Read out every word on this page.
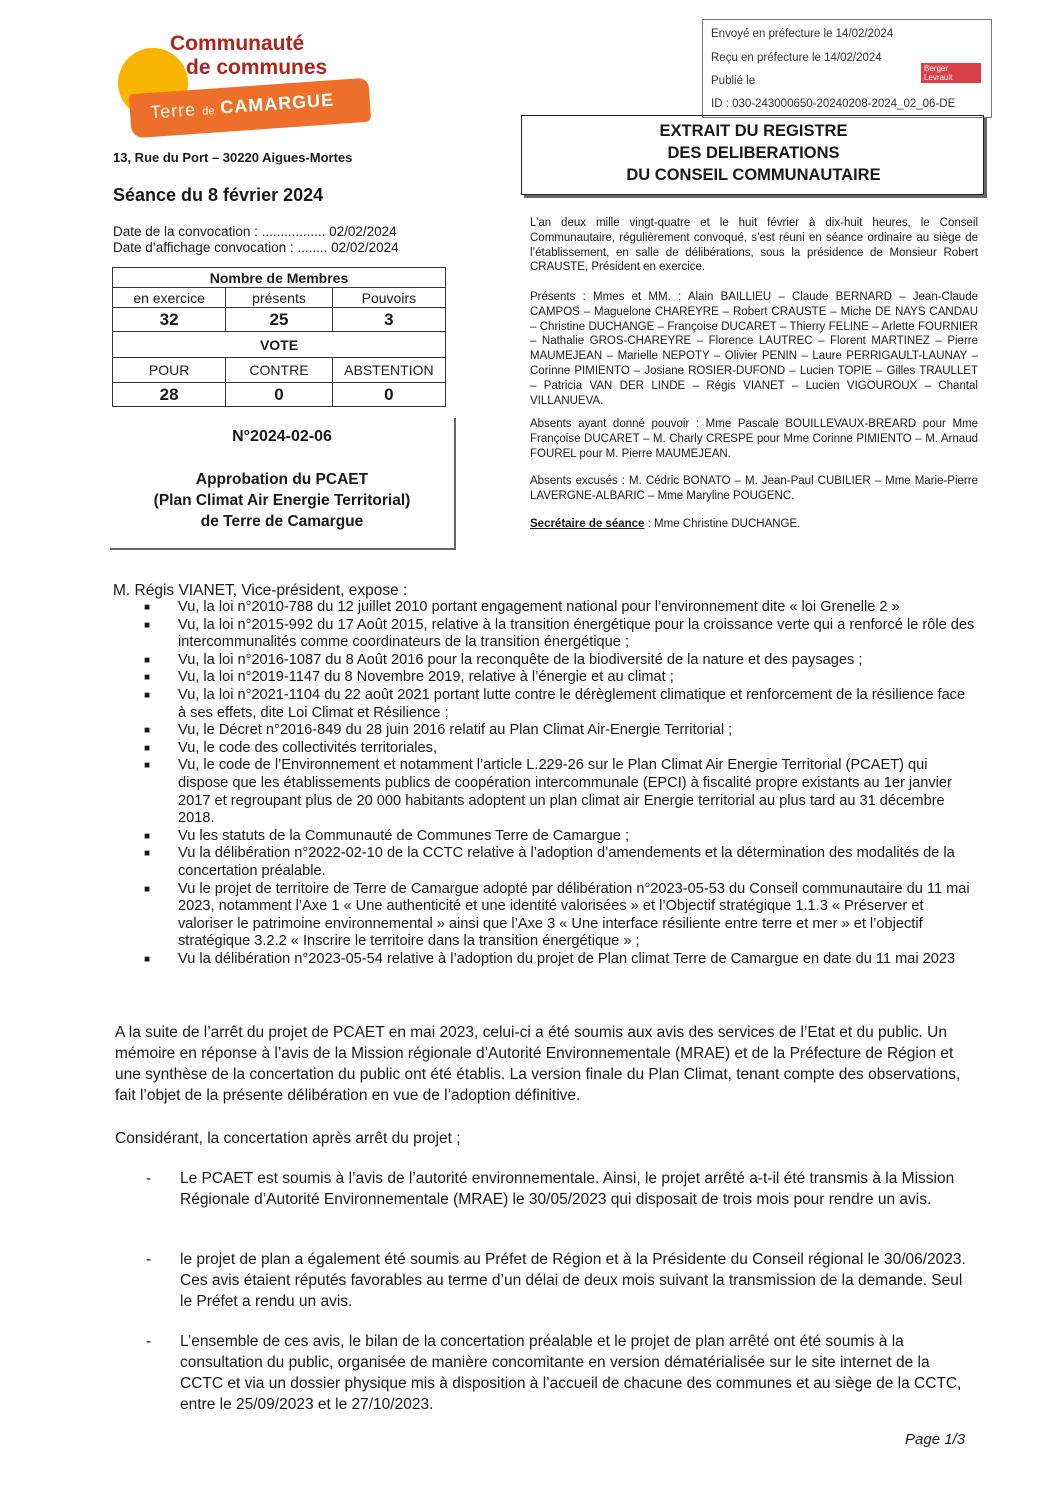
Communauté
de communes
Terre de CAMARGUE
13, Rue du Port – 30220 Aigues-Mortes
Séance du 8 février 2024
Date de la convocation : ................. 02/02/2024
Date d’affichage convocation : ........ 02/02/2024
Nombre de Membres		
en exercice	présents	Pouvoirs
32	25	3
VOTE		
POUR	CONTRE	ABSTENTION
28	0	0
N°2024-02-06
Approbation du PCAET
(Plan Climat Air Energie Territorial)
de Terre de Camargue
Envoyé en préfecture le 14/02/2024
Reçu en préfecture le 14/02/2024
Publié le
ID : 030-243000650-20240208-2024_02_06-DE
Berger Levrault
EXTRAIT DU REGISTRE
DES DELIBERATIONS
DU CONSEIL COMMUNAUTAIRE
L’an deux mille vingt-quatre et le huit février à dix-huit heures, le Conseil Communautaire, régulièrement convoqué, s’est réuni en séance ordinaire au siège de l’établissement, en salle de délibérations, sous la présidence de Monsieur Robert CRAUSTE, Président en exercice.
Présents : Mmes et MM. : Alain BAILLIEU – Claude BERNARD – Jean-Claude CAMPOS – Maguelone CHAREYRE – Robert CRAUSTE – Miche DE NAYS CANDAU – Christine DUCHANGE – Françoise DUCARET – Thierry FELINE – Arlette FOURNIER – Nathalie GROS-CHAREYRE – Florence LAUTREC – Florent MARTINEZ – Pierre MAUMEJEAN – Marielle NEPOTY – Olivier PENIN – Laure PERRIGAULT-LAUNAY – Corinne PIMIENTO – Josiane ROSIER-DUFOND – Lucien TOPIE – Gilles TRAULLET – Patricia VAN DER LINDE – Régis VIANET – Lucien VIGOUROUX – Chantal VILLANUEVA.
Absents ayant donné pouvoir : Mme Pascale BOUILLEVAUX-BREARD pour Mme Françoise DUCARET – M. Charly CRESPE pour Mme Corinne PIMIENTO – M. Arnaud FOUREL pour M. Pierre MAUMEJEAN.
Absents excusés : M. Cédric BONATO – M. Jean-Paul CUBILIER – Mme Marie-Pierre LAVERGNE-ALBARIC – Mme Maryline POUGENC.
Secrétaire de séance : Mme Christine DUCHANGE.
M. Régis VIANET, Vice-président, expose :
■ Vu, la loi n°2010-788 du 12 juillet 2010 portant engagement national pour l’environnement dite « loi Grenelle 2 »
■ Vu, la loi n°2015-992 du 17 Août 2015, relative à la transition énergétique pour la croissance verte qui a renforcé le rôle des intercommunalités comme coordinateurs de la transition énergétique ;
■ Vu, la loi n°2016-1087 du 8 Août 2016 pour la reconquête de la biodiversité de la nature et des paysages ;
■ Vu, la loi n°2019-1147 du 8 Novembre 2019, relative à l’énergie et au climat ;
■ Vu, la loi n°2021-1104 du 22 août 2021 portant lutte contre le dérèglement climatique et renforcement de la résilience face à ses effets, dite Loi Climat et Résilience ;
■ Vu, le Décret n°2016-849 du 28 juin 2016 relatif au Plan Climat Air-Energie Territorial ;
■ Vu, le code des collectivités territoriales,
■ Vu, le code de l’Environnement et notamment l’article L.229-26 sur le Plan Climat Air Energie Territorial (PCAET) qui dispose que les établissements publics de coopération intercommunale (EPCI) à fiscalité propre existants au 1er janvier 2017 et regroupant plus de 20 000 habitants adoptent un plan climat air Energie territorial au plus tard au 31 décembre 2018.
■ Vu les statuts de la Communauté de Communes Terre de Camargue ;
■ Vu la délibération n°2022-02-10 de la CCTC relative à l’adoption d’amendements et la détermination des modalités de la concertation préalable.
■ Vu le projet de territoire de Terre de Camargue adopté par délibération n°2023-05-53 du Conseil communautaire du 11 mai 2023, notamment l’Axe 1 « Une authenticité et une identité valorisées » et l’Objectif stratégique 1.1.3 « Préserver et valoriser le patrimoine environnemental » ainsi que l’Axe 3 « Une interface résiliente entre terre et mer » et l’objectif stratégique 3.2.2 « Inscrire le territoire dans la transition énergétique » ;
■ Vu la délibération n°2023-05-54 relative à l’adoption du projet de Plan climat Terre de Camargue en date du 11 mai 2023
A la suite de l’arrêt du projet de PCAET en mai 2023, celui-ci a été soumis aux avis des services de l’Etat et du public. Un mémoire en réponse à l’avis de la Mission régionale d’Autorité Environnementale (MRAE) et de la Préfecture de Région et une synthèse de la concertation du public ont été établis. La version finale du Plan Climat, tenant compte des observations, fait l’objet de la présente délibération en vue de l’adoption définitive.
Considérant, la concertation après arrêt du projet ;
- Le PCAET est soumis à l’avis de l’autorité environnementale. Ainsi, le projet arrêté a-t-il été transmis à la Mission Régionale d’Autorité Environnementale (MRAE) le 30/05/2023 qui disposait de trois mois pour rendre un avis.
- le projet de plan a également été soumis au Préfet de Région et à la Présidente du Conseil régional le 30/06/2023. Ces avis étaient réputés favorables au terme d’un délai de deux mois suivant la transmission de la demande. Seul le Préfet a rendu un avis.
- L’ensemble de ces avis, le bilan de la concertation préalable et le projet de plan arrêté ont été soumis à la consultation du public, organisée de manière concomitante en version dématérialisée sur le site internet de la CCTC et via un dossier physique mis à disposition à l’accueil de chacune des communes et au siège de la CCTC, entre le 25/09/2023 et le 27/10/2023.
Page 1/3
